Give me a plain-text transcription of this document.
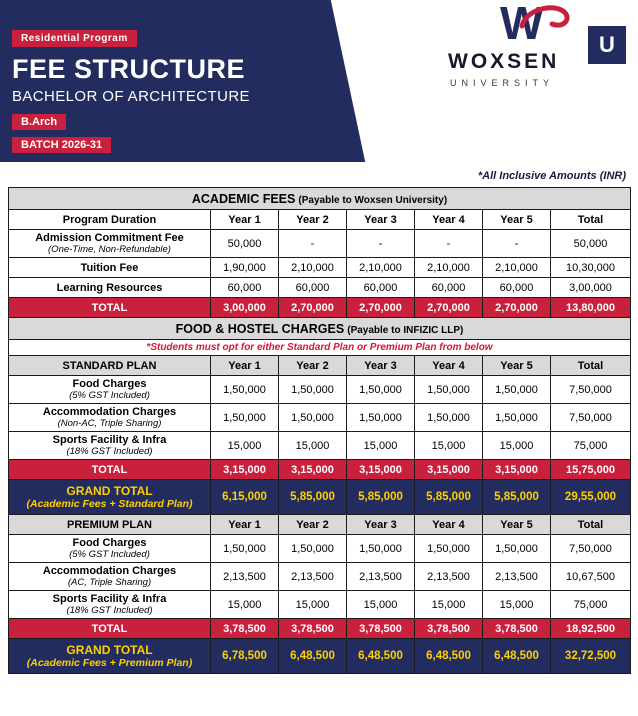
Residential Program
FEE STRUCTURE
BACHELOR OF ARCHITECTURE
B.Arch
BATCH 2026-31
W	U
WOXSEN
UNIVERSITY
*All Inclusive Amounts (INR)
ACADEMIC FEES (Payable to Woxsen University)						
Program Duration	Year 1	Year 2	Year 3	Year 4	Year 5	Total
Admission Commitment Fee
(One-Time, Non-Refundable)	50,000	-	-	-	-	50,000
Tuition Fee	1,90,000	2,10,000	2,10,000	2,10,000	2,10,000	10,30,000
Learning Resources	60,000	60,000	60,000	60,000	60,000	3,00,000
TOTAL	3,00,000	2,70,000	2,70,000	2,70,000	2,70,000	13,80,000
FOOD & HOSTEL CHARGES (Payable to INFIZIC LLP)						
*Students must opt for either Standard Plan or Premium Plan from below						
STANDARD PLAN	Year 1	Year 2	Year 3	Year 4	Year 5	Total
Food Charges
(5% GST Included)	1,50,000	1,50,000	1,50,000	1,50,000	1,50,000	7,50,000
Accommodation Charges
(Non-AC, Triple Sharing)	1,50,000	1,50,000	1,50,000	1,50,000	1,50,000	7,50,000
Sports Facility & Infra
(18% GST Included)	15,000	15,000	15,000	15,000	15,000	75,000
TOTAL	3,15,000	3,15,000	3,15,000	3,15,000	3,15,000	15,75,000
GRAND TOTAL
(Academic Fees + Standard Plan)	6,15,000	5,85,000	5,85,000	5,85,000	5,85,000	29,55,000
PREMIUM PLAN	Year 1	Year 2	Year 3	Year 4	Year 5	Total
Food Charges
(5% GST Included)	1,50,000	1,50,000	1,50,000	1,50,000	1,50,000	7,50,000
Accommodation Charges
(AC, Triple Sharing)	2,13,500	2,13,500	2,13,500	2,13,500	2,13,500	10,67,500
Sports Facility & Infra
(18% GST Included)	15,000	15,000	15,000	15,000	15,000	75,000
TOTAL	3,78,500	3,78,500	3,78,500	3,78,500	3,78,500	18,92,500
GRAND TOTAL
(Academic Fees + Premium Plan)	6,78,500	6,48,500	6,48,500	6,48,500	6,48,500	32,72,500
